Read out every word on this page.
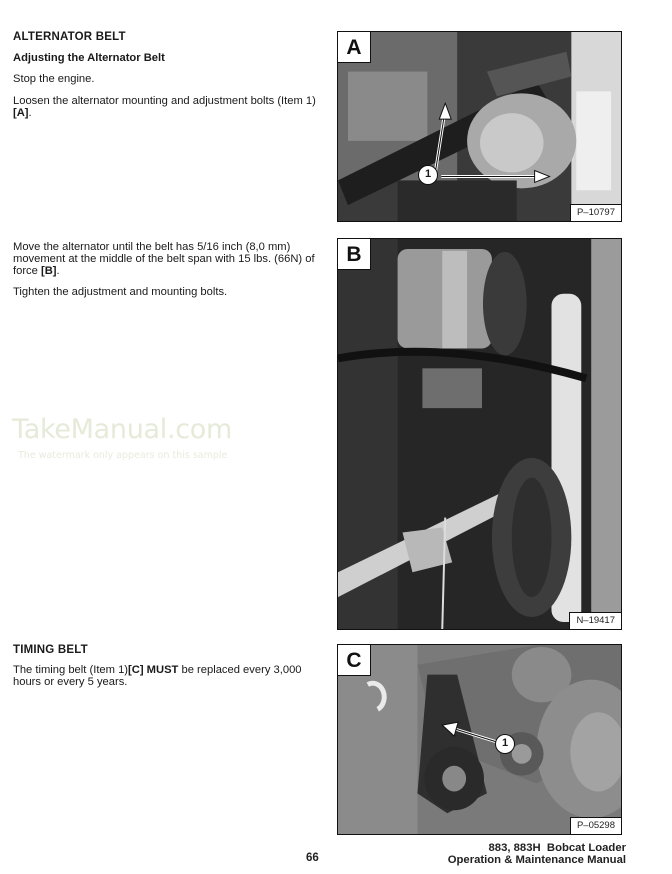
ALTERNATOR BELT
Adjusting the Alternator Belt
Stop the engine.
Loosen the alternator mounting and adjustment bolts (Item 1) [A].
Move the alternator until the belt has 5/16 inch (8,0 mm) movement at the middle of the belt span with 15 lbs. (66N) of force [B].
Tighten the adjustment and mounting bolts.
TakeManual.com
The watermark only appears on this sample
TIMING BELT
The timing belt (Item 1)[C] MUST be replaced every 3,000 hours or every 5 years.
1
A
P–10797
B
N–19417
1
C
P–05298
66
883, 883H  Bobcat Loader
Operation & Maintenance Manual
